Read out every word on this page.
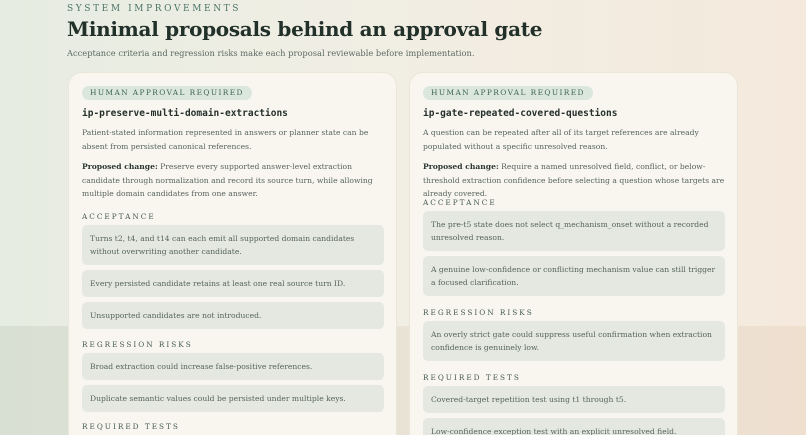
SYSTEM IMPROVEMENTS
Minimal proposals behind an approval gate

Acceptance criteria and regression risks make each proposal reviewable before implementation.

HUMAN APPROVAL REQUIRED
ip-preserve-multi-domain-extractions

Patient-stated information represented in answers or planner state can be absent from persisted canonical references.

Proposed change: Preserve every supported answer-level extraction candidate through normalization and record its source turn, while allowing multiple domain candidates from one answer.

ACCEPTANCE
Turns t2, t4, and t14 can each emit all supported domain candidates without overwriting another candidate.
Every persisted candidate retains at least one real source turn ID.
Unsupported candidates are not introduced.
REGRESSION RISKS
Broad extraction could increase false-positive references.
Duplicate semantic values could be persisted under multiple keys.
REQUIRED TESTS
HUMAN APPROVAL REQUIRED
ip-gate-repeated-covered-questions

A question can be repeated after all of its target references are already populated without a specific unresolved reason.

Proposed change: Require a named unresolved field, conflict, or below-threshold extraction confidence before selecting a question whose targets are already covered.

ACCEPTANCE
The pre-t5 state does not select q_mechanism_onset without a recorded unresolved reason.
A genuine low-confidence or conflicting mechanism value can still trigger a focused clarification.
REGRESSION RISKS
An overly strict gate could suppress useful confirmation when extraction confidence is genuinely low.
REQUIRED TESTS
Covered-target repetition test using t1 through t5.
Low-confidence exception test with an explicit unresolved field.
